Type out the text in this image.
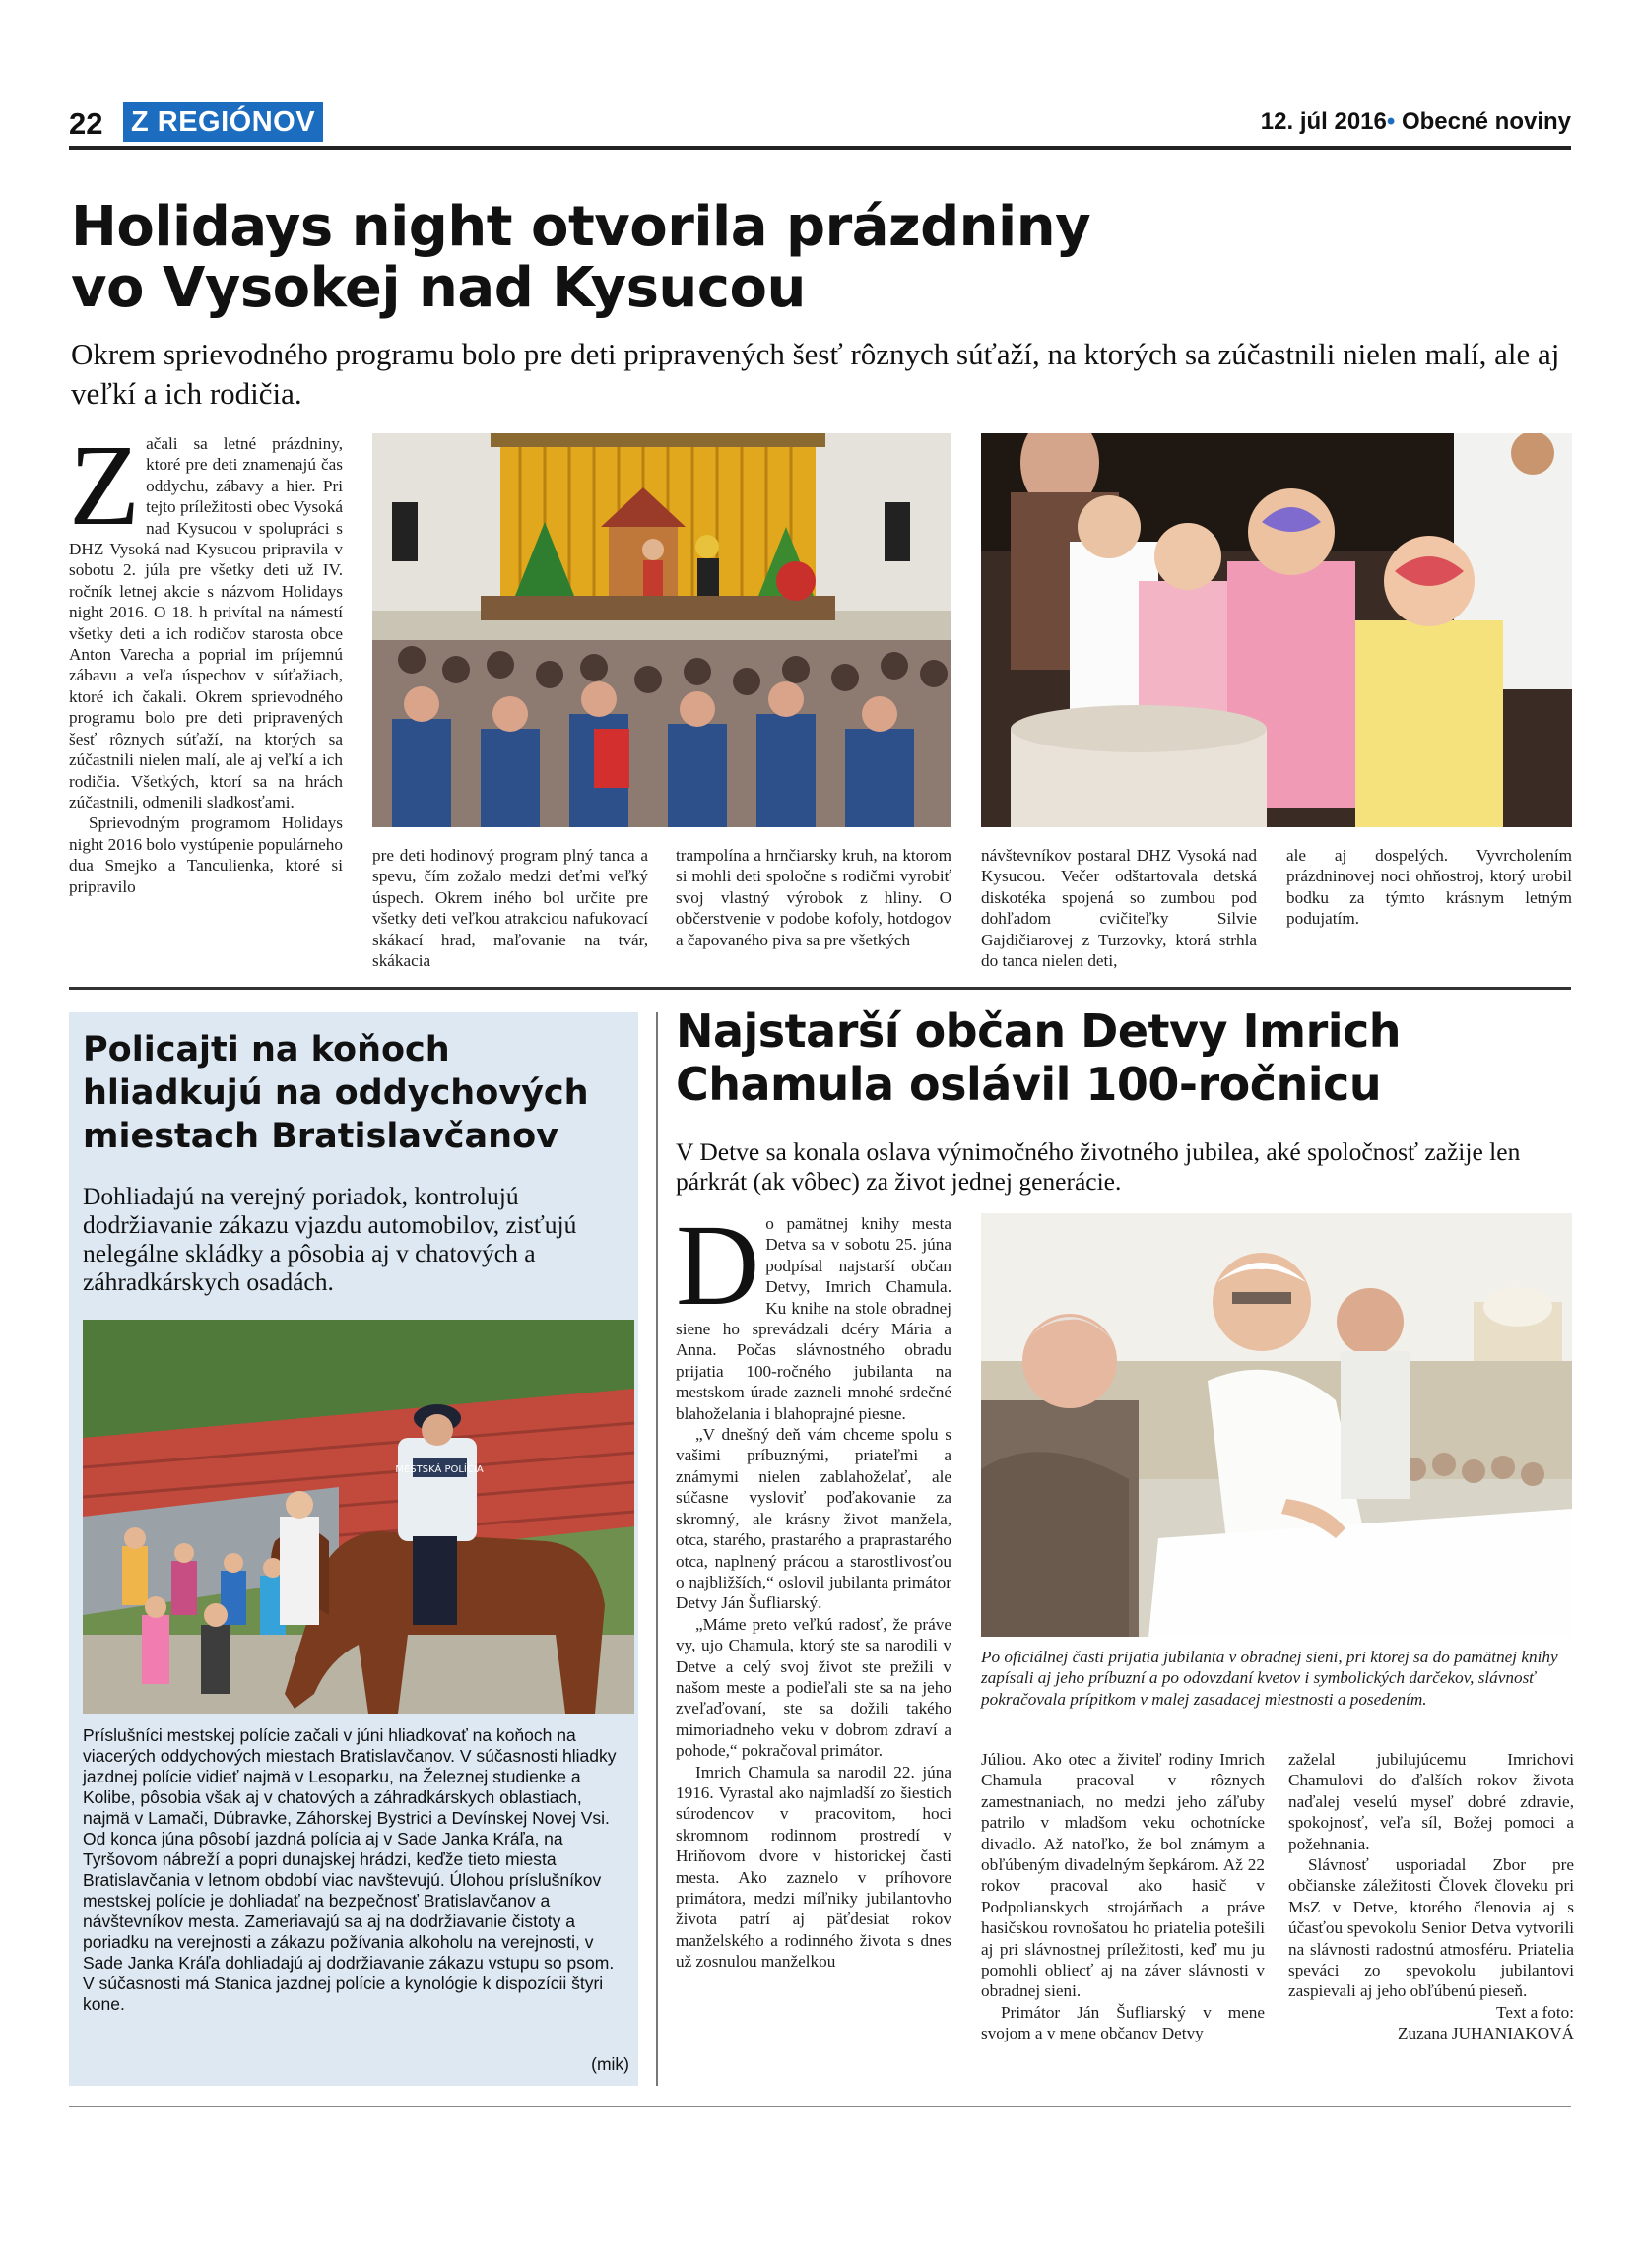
22 Z REGIÓNOV	12. júl 2016• Obecné noviny
Holidays night otvorila prázdniny
vo Vysokej nad Kysucou

Okrem sprievodného programu bolo pre deti pripravených šesť rôznych súťaží, na ktorých sa zúčastnili nielen malí, ale aj veľkí a ich rodičia.

Začali sa letné prázdniny, ktoré pre deti znamenajú čas oddychu, zábavy a hier. Pri tejto príležitosti obec Vysoká nad Kysucou v spolupráci s DHZ Vysoká nad Kysucou pripravila v sobotu 2. júla pre všetky deti už IV. ročník letnej akcie s názvom Holidays night 2016. O 18. h privítal na námestí všetky deti a ich rodičov starosta obce Anton Varecha a poprial im príjemnú zábavu a veľa úspechov v súťažiach, ktoré ich čakali. Okrem sprievodného programu bolo pre deti pripravených šesť rôznych súťaží, na ktorých sa zúčastnili nielen malí, ale aj veľkí a ich rodičia. Všetkých, ktorí sa na hrách zúčastnili, odmenili sladkosťami.

Sprievodným programom Holidays night 2016 bolo vystúpenie populárneho dua Smejko a Tanculienka, ktoré si pripravilo

pre deti hodinový program plný tanca a spevu, čím zožalo medzi deťmi veľký úspech. Okrem iného bol určite pre všetky deti veľkou atrakciou nafukovací skákací hrad, maľovanie na tvár, skákacia

trampolína a hrnčiarsky kruh, na ktorom si mohli deti spoločne s rodičmi vyrobiť svoj vlastný výrobok z hliny. O občerstvenie v podobe kofoly, hotdogov a čapovaného piva sa pre všetkých

návštevníkov postaral DHZ Vysoká nad Kysucou. Večer odštartovala detská diskotéka spojená so zumbou pod dohľadom cvičiteľky Silvie Gajdičiarovej z Turzovky, ktorá strhla do tanca nielen deti,

ale aj dospelých. Vyvrcholením prázdninovej noci ohňostroj, ktorý urobil bodku za týmto krásnym letným podujatím.

Policajti na koňoch
hliadkujú na oddychových
miestach Bratislavčanov

Dohliadajú na verejný poriadok, kontrolujú dodržiavanie zákazu vjazdu automobilov, zisťujú nelegálne skládky a pôsobia aj v chatových a záhradkárskych osadách.

MESTSKÁ POLÍCIA

Príslušníci mestskej polície začali v júni hliadkovať na koňoch na viacerých oddychových miestach Bratislavčanov. V súčasnosti hliadky jazdnej polície vidieť najmä v Lesoparku, na Železnej studienke a Kolibe, pôsobia však aj v chatových a záhradkárskych oblastiach, najmä v Lamači, Dúbravke, Záhorskej Bystrici a Devínskej Novej Vsi.

Od konca júna pôsobí jazdná polícia aj v Sade Janka Kráľa, na Tyršovom nábreží a popri dunajskej hrádzi, keďže tieto miesta Bratislavčania v letnom období viac navštevujú. Úlohou príslušníkov mestskej polície je dohliadať na bezpečnosť Bratislavčanov a návštevníkov mesta. Zameriavajú sa aj na dodržiavanie čistoty a poriadku na verejnosti a zákazu požívania alkoholu na verejnosti, v Sade Janka Kráľa dohliadajú aj dodržiavanie zákazu vstupu so psom. V súčasnosti má Stanica jazdnej polície a kynológie k dispozícii štyri kone.

(mik)
Najstarší občan Detvy Imrich
Chamula oslávil 100-ročnicu

V Detve sa konala oslava výnimočného životného jubilea, aké spoločnosť zažije len párkrát (ak vôbec) za život jednej generácie.

Do pamätnej knihy mesta Detva sa v sobotu 25. júna podpísal najstarší občan Detvy, Imrich Chamula. Ku knihe na stole obradnej siene ho sprevádzali dcéry Mária a Anna. Počas slávnostného obradu prijatia 100-ročného jubilanta na mestskom úrade zazneli mnohé srdečné blahoželania i blahoprajné piesne.

„V dnešný deň vám chceme spolu s vašimi príbuznými, priateľmi a známymi nielen zablahoželať, ale súčasne vysloviť poďakovanie za skromný, ale krásny život manžela, otca, starého, prastarého a praprastarého otca, naplnený prácou a starostlivosťou o najbližších,“ oslovil jubilanta primátor Detvy Ján Šufliarský.

„Máme preto veľkú radosť, že práve vy, ujo Chamula, ktorý ste sa narodili v Detve a celý svoj život ste prežili v našom meste a podieľali ste sa na jeho zveľaďovaní, ste sa dožili takého mimoriadneho veku v dobrom zdraví a pohode,“ pokračoval primátor.

Imrich Chamula sa narodil 22. júna 1916. Vyrastal ako najmladší zo šiestich súrodencov v pracovitom, hoci skromnom rodinnom prostredí v Hriňovom dvore v historickej časti mesta. Ako zaznelo v príhovore primátora, medzi míľniky jubilantovho života patrí aj päťdesiat rokov manželského a rodinného života s dnes už zosnulou manželkou

Po oficiálnej časti prijatia jubilanta v obradnej sieni, pri ktorej sa do pamätnej knihy zapísali aj jeho príbuzní a po odovzdaní kvetov i symbolických darčekov, slávnosť pokračovala prípitkom v malej zasadacej miestnosti a posedením.

Júliou. Ako otec a živiteľ rodiny Imrich Chamula pracoval v rôznych zamestnaniach, no medzi jeho záľuby patrilo v mladšom veku ochotnícke divadlo. Až natoľko, že bol známym a obľúbeným divadelným šepkárom. Až 22 rokov pracoval ako hasič v Podpolianskych strojárňach a práve hasičskou rovnošatou ho priatelia potešili aj pri slávnostnej príležitosti, keď mu ju pomohli obliecť aj na záver slávnosti v obradnej sieni.

Primátor Ján Šufliarský v mene svojom a v mene občanov Detvy

zaželal jubilujúcemu Imrichovi Chamulovi do ďalších rokov života naďalej veselú myseľ dobré zdravie, spokojnosť, veľa síl, Božej pomoci a požehnania.

Slávnosť usporiadal Zbor pre občianske záležitosti Človek človeku pri MsZ v Detve, ktorého členovia aj s účasťou spevokolu Senior Detva vytvorili na slávnosti radostnú atmosféru. Priatelia speváci zo spevokolu jubilantovi zaspievali aj jeho obľúbenú pieseň.

Text a foto:

Zuzana JUHANIAKOVÁ
